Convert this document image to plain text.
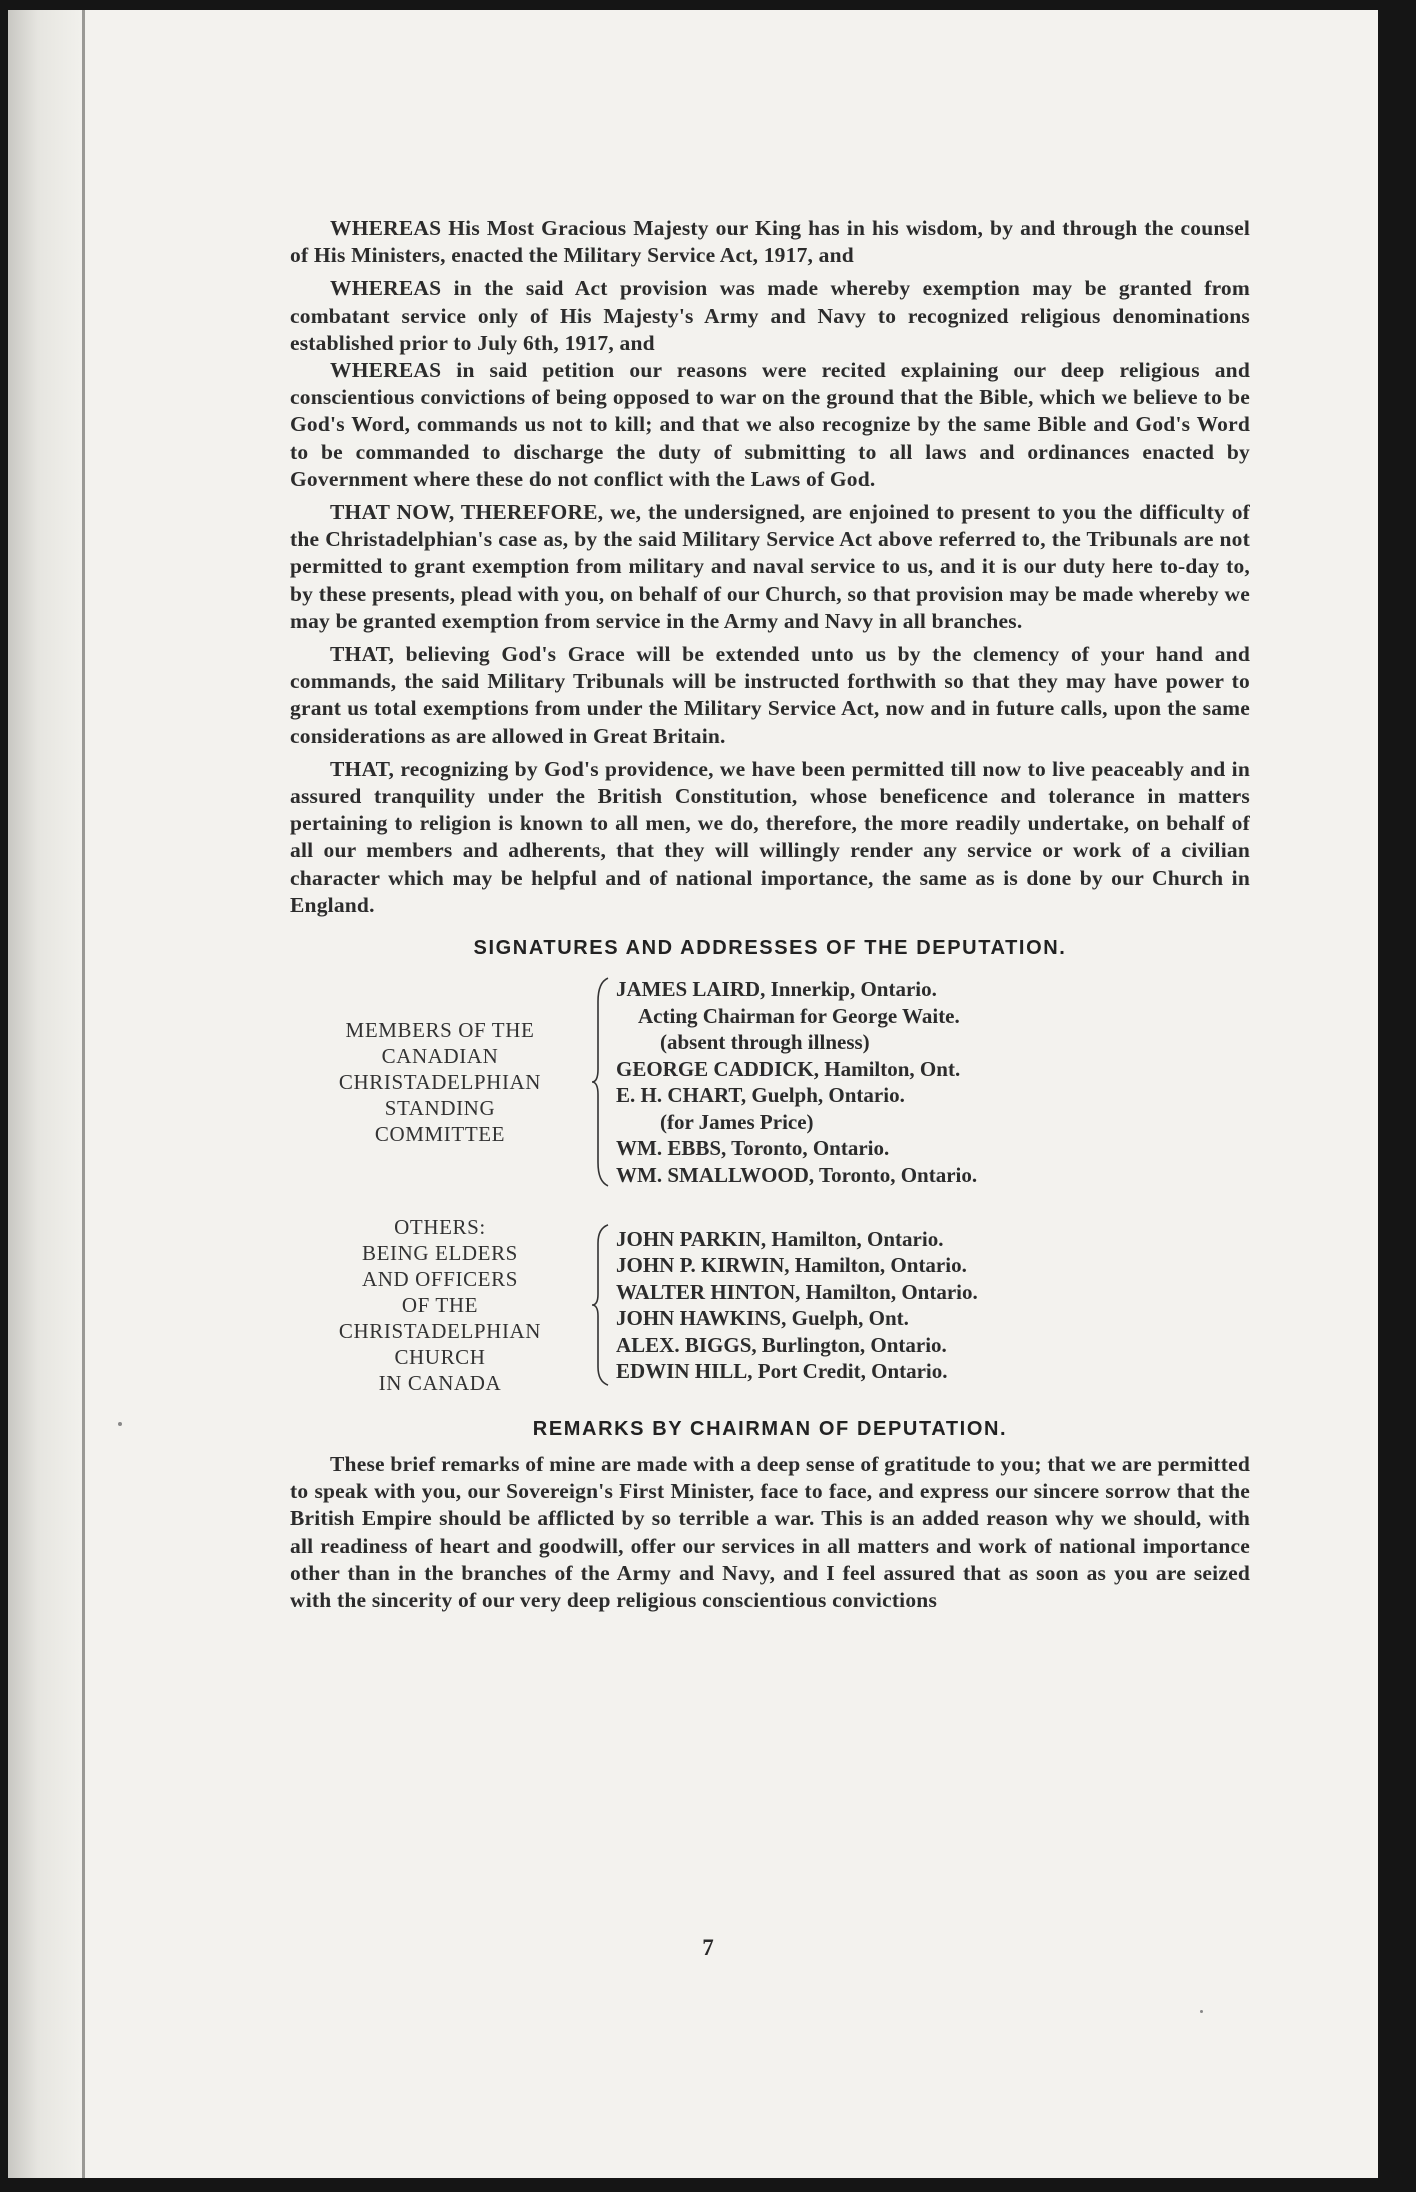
WHEREAS His Most Gracious Majesty our King has in his wisdom, by and through the counsel of His Ministers, enacted the Military Service Act, 1917, and

WHEREAS in the said Act provision was made whereby exemption may be granted from combatant service only of His Majesty's Army and Navy to recognized religious denominations established prior to July 6th, 1917, and

WHEREAS in said petition our reasons were recited explaining our deep religious and conscientious convictions of being opposed to war on the ground that the Bible, which we believe to be God's Word, commands us not to kill; and that we also recognize by the same Bible and God's Word to be commanded to discharge the duty of submitting to all laws and ordinances enacted by Government where these do not conflict with the Laws of God.

THAT NOW, THEREFORE, we, the undersigned, are enjoined to present to you the difficulty of the Christadelphian's case as, by the said Military Service Act above referred to, the Tribunals are not permitted to grant exemption from military and naval service to us, and it is our duty here to-day to, by these presents, plead with you, on behalf of our Church, so that provision may be made whereby we may be granted exemption from service in the Army and Navy in all branches.

THAT, believing God's Grace will be extended unto us by the clemency of your hand and commands, the said Military Tribunals will be instructed forthwith so that they may have power to grant us total exemptions from under the Military Service Act, now and in future calls, upon the same considerations as are allowed in Great Britain.

THAT, recognizing by God's providence, we have been permitted till now to live peaceably and in assured tranquility under the British Constitution, whose beneficence and tolerance in matters pertaining to religion is known to all men, we do, therefore, the more readily undertake, on behalf of all our members and adherents, that they will willingly render any service or work of a civilian character which may be helpful and of national importance, the same as is done by our Church in England.

SIGNATURES AND ADDRESSES OF THE DEPUTATION.
MEMBERS OF THE
CANADIAN
CHRISTADELPHIAN
STANDING
COMMITTEE
JAMES LAIRD, Innerkip, Ontario.
Acting Chairman for George Waite.
(absent through illness)
GEORGE CADDICK, Hamilton, Ont.
E. H. CHART, Guelph, Ontario.
(for James Price)
WM. EBBS, Toronto, Ontario.
WM. SMALLWOOD, Toronto, Ontario.
OTHERS:
BEING ELDERS
AND OFFICERS
OF THE
CHRISTADELPHIAN
CHURCH
IN CANADA
JOHN PARKIN, Hamilton, Ontario.
JOHN P. KIRWIN, Hamilton, Ontario.
WALTER HINTON, Hamilton, Ontario.
JOHN HAWKINS, Guelph, Ont.
ALEX. BIGGS, Burlington, Ontario.
EDWIN HILL, Port Credit, Ontario.
REMARKS BY CHAIRMAN OF DEPUTATION.

These brief remarks of mine are made with a deep sense of gratitude to you; that we are permitted to speak with you, our Sovereign's First Minister, face to face, and express our sincere sorrow that the British Empire should be afflicted by so terrible a war. This is an added reason why we should, with all readiness of heart and goodwill, offer our services in all matters and work of national importance other than in the branches of the Army and Navy, and I feel assured that as soon as you are seized with the sincerity of our very deep religious conscientious convictions

7
